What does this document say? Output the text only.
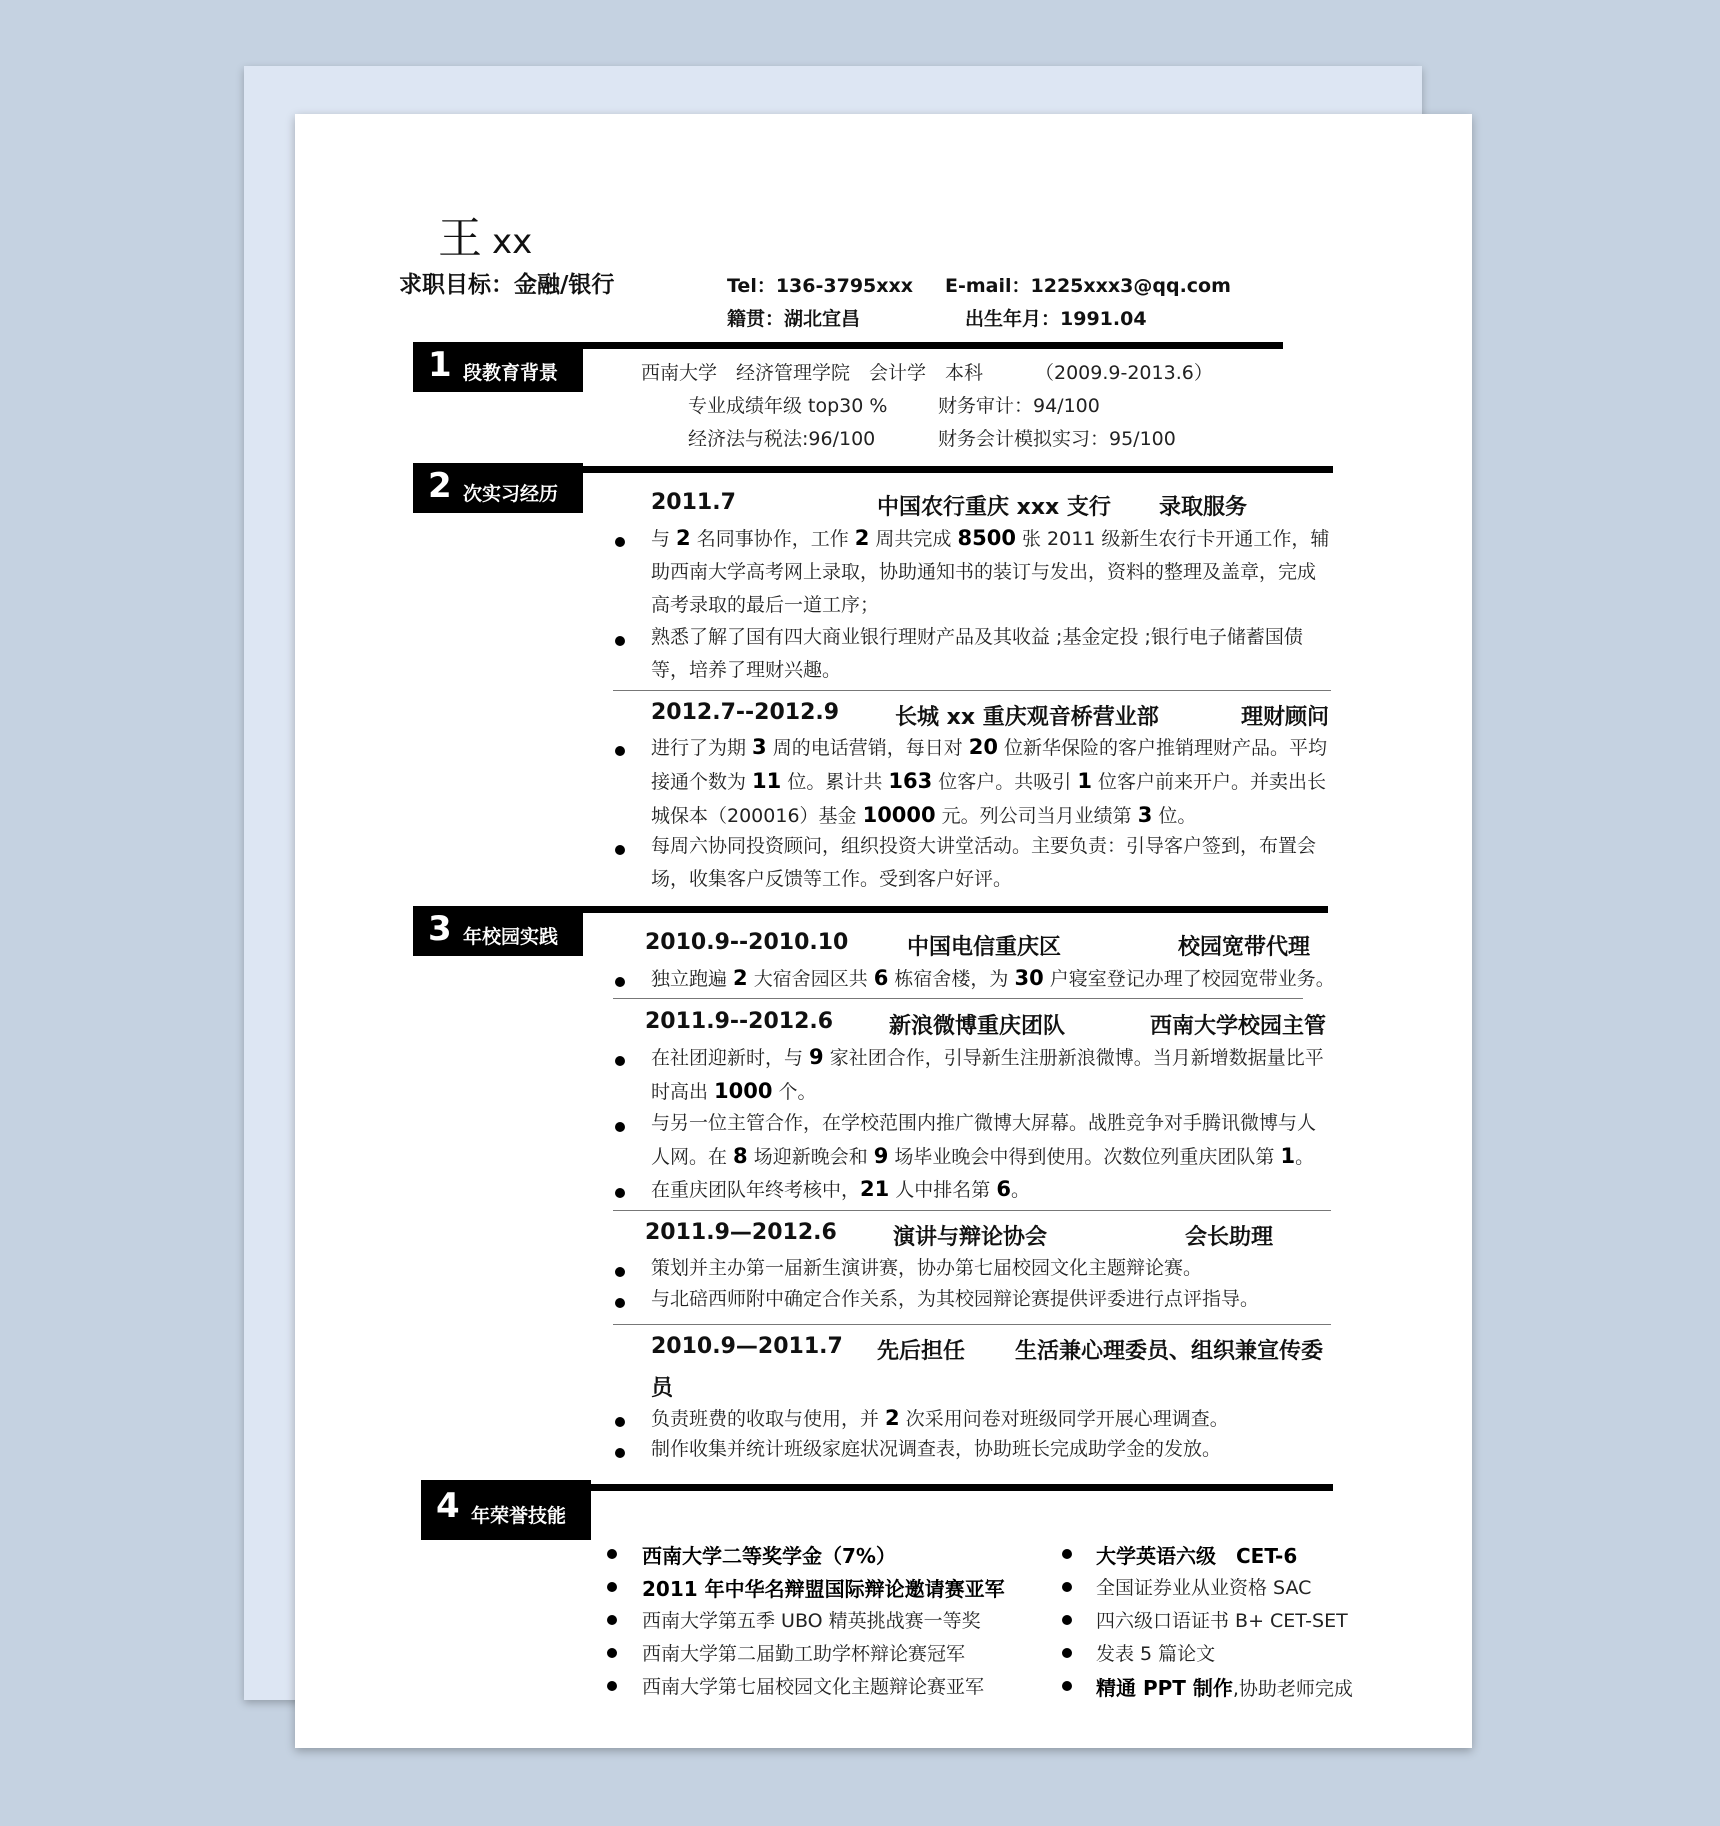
王 xx
求职目标：金融/银行	Tel：136-3795xxx E-mail：1225xxx3@qq.com
籍贯：湖北宜昌	出生年月：1991.04
1 段教育背景	西南大学　经济管理学院　会计学　本科	（2009.9-2013.6）
专业成绩年级 top30 %	财务审计：94/100
经济法与税法:96/100	财务会计模拟实习：95/100
2 次实习经历	2011.7	中国农行重庆 xxx 支行 录取服务
与 2 名同事协作，工作 2 周共完成 8500 张 2011 级新生农行卡开通工作，辅助西南大学高考网上录取，协助通知书的装订与发出，资料的整理及盖章，完成高考录取的最后一道工序；
熟悉了解了国有四大商业银行理财产品及其收益 ;基金定投 ;银行电子储蓄国债等，培养了理财兴趣。
2012.7--2012.9	长城 xx 重庆观音桥营业部	理财顾问
进行了为期 3 周的电话营销，每日对 20 位新华保险的客户推销理财产品。平均接通个数为 11 位。累计共 163 位客户。共吸引 1 位客户前来开户。并卖出长城保本（200016）基金 10000 元。列公司当月业绩第 3 位。
每周六协同投资顾问，组织投资大讲堂活动。主要负责：引导客户签到，布置会场，收集客户反馈等工作。受到客户好评。
3 年校园实践	2010.9--2010.10	中国电信重庆区	校园宽带代理
独立跑遍 2 大宿舍园区共 6 栋宿舍楼，为 30 户寝室登记办理了校园宽带业务。
2011.9--2012.6	新浪微博重庆团队	西南大学校园主管
在社团迎新时，与 9 家社团合作，引导新生注册新浪微博。当月新增数据量比平时高出 1000 个。
与另一位主管合作，在学校范围内推广微博大屏幕。战胜竞争对手腾讯微博与人人网。在 8 场迎新晚会和 9 场毕业晚会中得到使用。次数位列重庆团队第 1。
在重庆团队年终考核中，21 人中排名第 6。
2011.9—2012.6	演讲与辩论协会	会长助理
策划并主办第一届新生演讲赛，协办第七届校园文化主题辩论赛。
与北碚西师附中确定合作关系，为其校园辩论赛提供评委进行点评指导。
2010.9—2011.7 先后担任 生活兼心理委员、组织兼宣传委
员
负责班费的收取与使用，并 2 次采用问卷对班级同学开展心理调查。
制作收集并统计班级家庭状况调查表，协助班长完成助学金的发放。
4 年荣誉技能
西南大学二等奖学金（7%）
2011 年中华名辩盟国际辩论邀请赛亚军
西南大学第五季 UBO 精英挑战赛一等奖
西南大学第二届勤工助学杯辩论赛冠军
西南大学第七届校园文化主题辩论赛亚军
大学英语六级　CET-6
全国证券业从业资格 SAC
四六级口语证书 B+ CET-SET
发表 5 篇论文
精通 PPT 制作,协助老师完成
